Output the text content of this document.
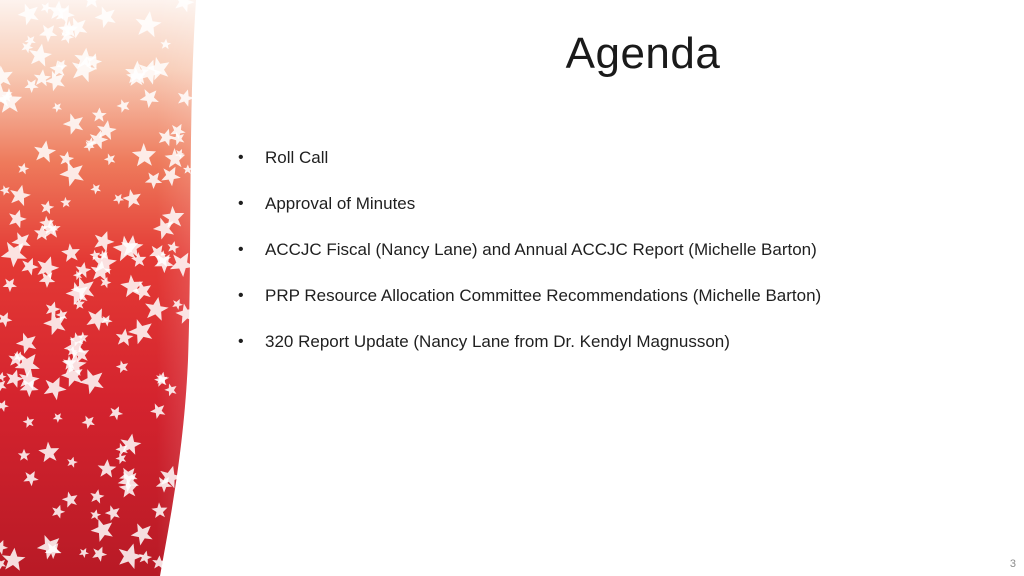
Agenda
•	Roll Call
•	Approval of Minutes
•	ACCJC Fiscal (Nancy Lane) and Annual ACCJC Report (Michelle Barton)
•	PRP Resource Allocation Committee Recommendations (Michelle Barton)
•	320 Report Update (Nancy Lane from Dr. Kendyl Magnusson)
3
